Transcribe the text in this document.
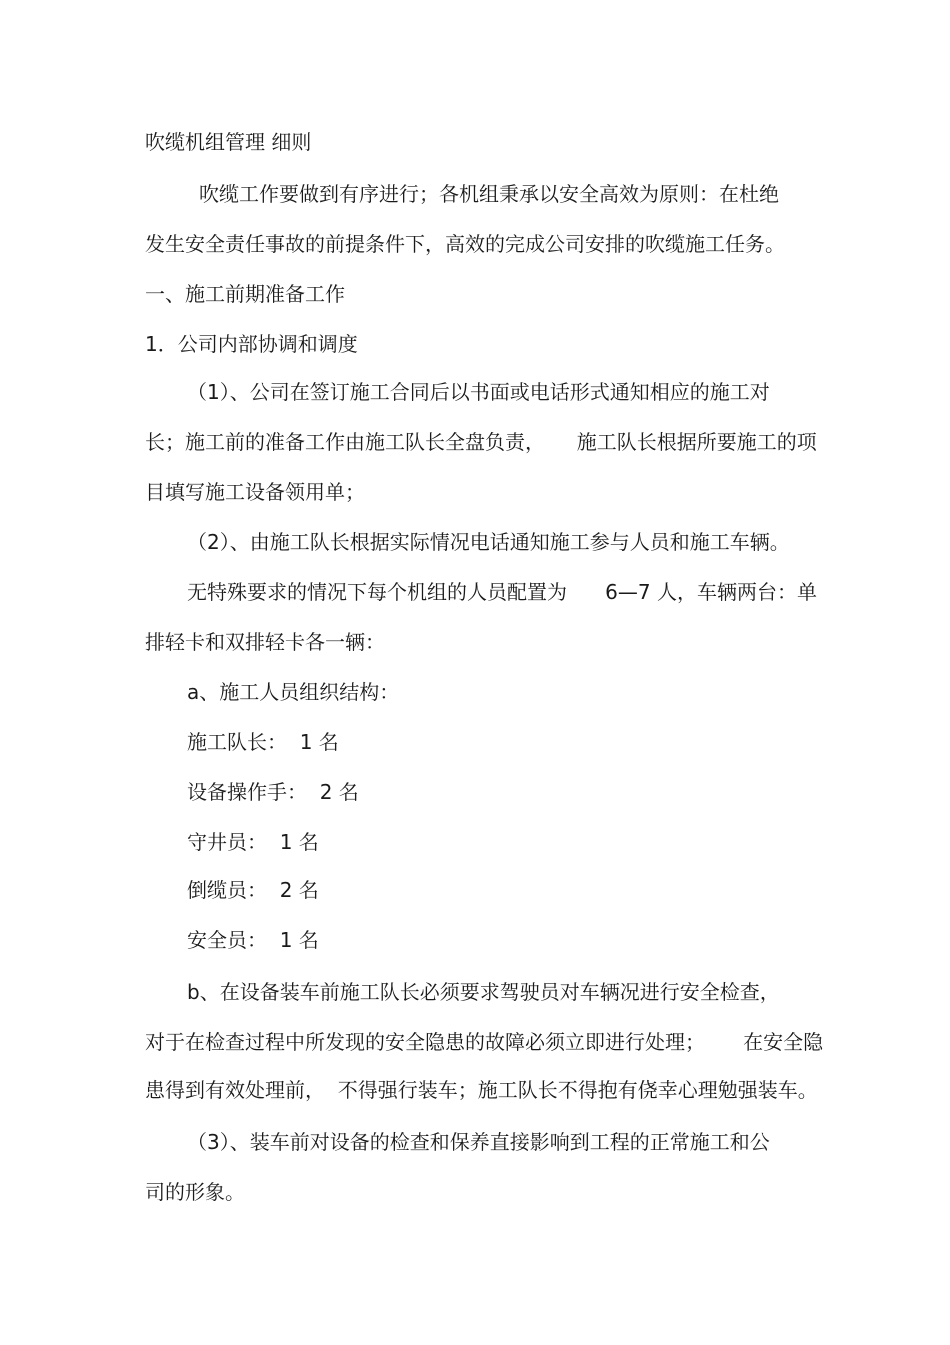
吹缆机组管理 细则
吹缆工作要做到有序进行；各机组秉承以安全高效为原则：在杜绝
发生安全责任事故的前提条件下，高效的完成公司安排的吹缆施工任务。
一、施工前期准备工作
1．公司内部协调和调度
（1）、公司在签订施工合同后以书面或电话形式通知相应的施工对
长；施工前的准备工作由施工队长全盘负责，     施工队长根据所要施工的项
目填写施工设备领用单；
（2）、由施工队长根据实际情况电话通知施工参与人员和施工车辆。
无特殊要求的情况下每个机组的人员配置为      6—7 人，车辆两台：单
排轻卡和双排轻卡各一辆：
a、施工人员组织结构：
施工队长：  1 名
设备操作手：  2 名
守井员：  1 名
倒缆员：  2 名
安全员：  1 名
b、在设备装车前施工队长必须要求驾驶员对车辆况进行安全检查，
对于在检查过程中所发现的安全隐患的故障必须立即进行处理；      在安全隐
患得到有效处理前，  不得强行装车；施工队长不得抱有侥幸心理勉强装车。
（3）、装车前对设备的检查和保养直接影响到工程的正常施工和公
司的形象。
